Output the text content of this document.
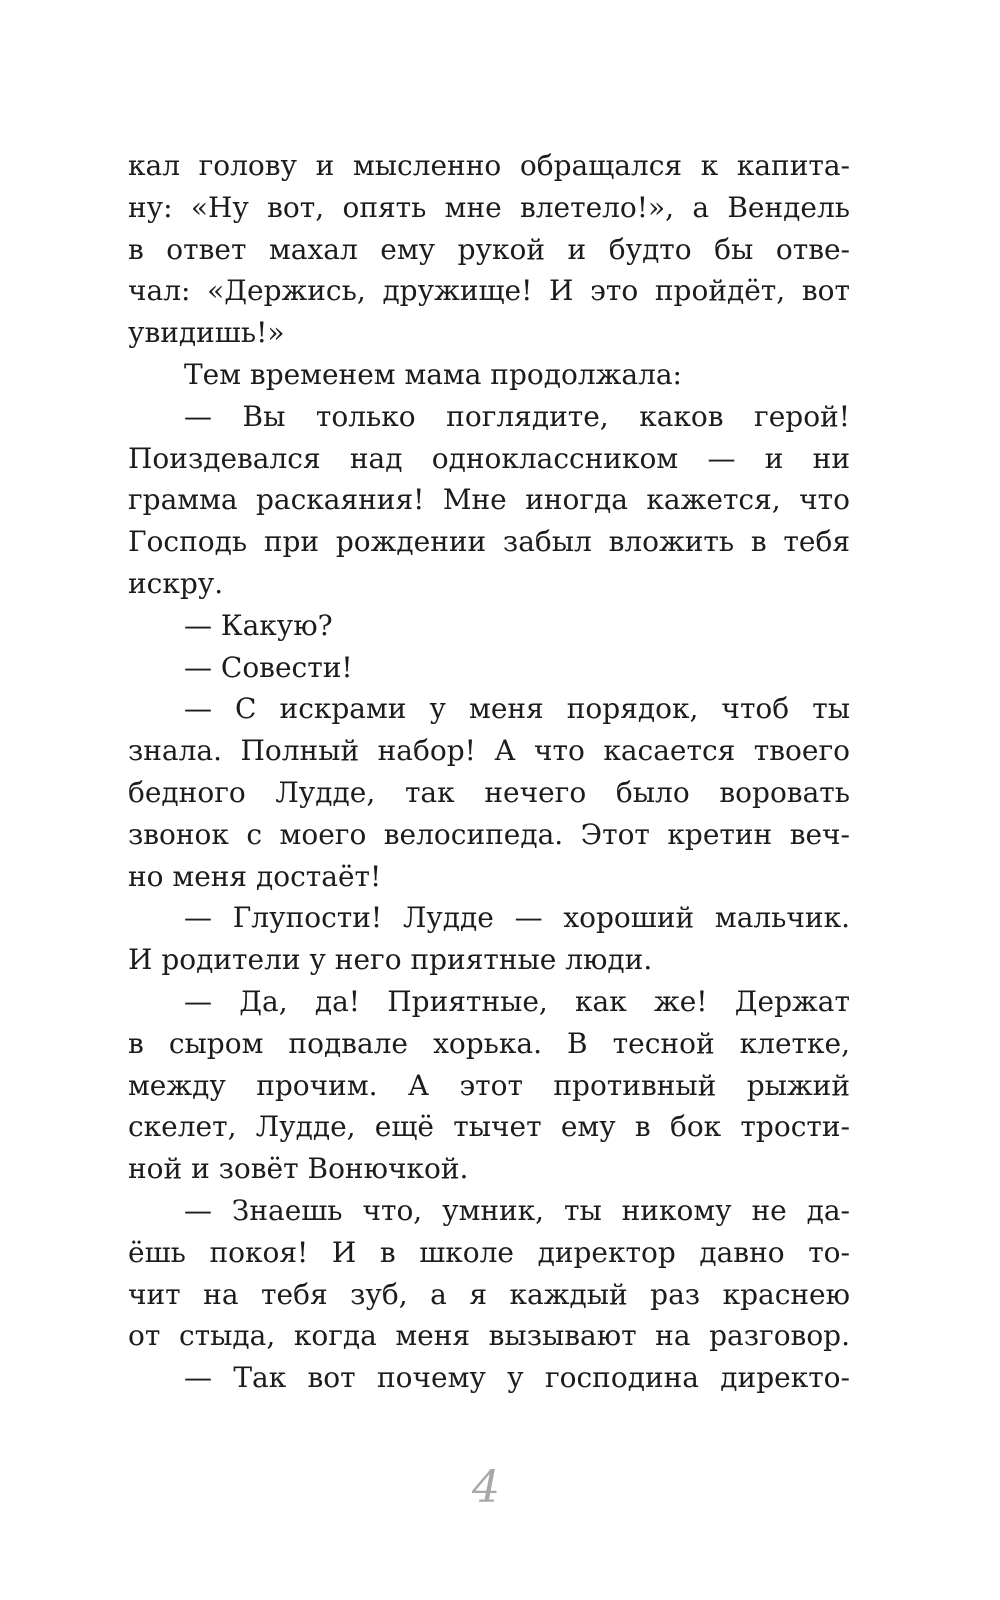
кал голову и мысленно обращался к капита-
ну: «Ну вот, опять мне влетело!», а Вендель
в ответ махал ему рукой и будто бы отве-
чал: «Держись, дружище! И это пройдёт, вот
увидишь!»
Тем временем мама продолжала:
— Вы только поглядите, каков герой!
Поиздевался над одноклассником — и ни
грамма раскаяния! Мне иногда кажется, что
Господь при рождении забыл вложить в тебя
искру.
— Какую?
— Совести!
— С искрами у меня порядок, чтоб ты
знала. Полный набор! А что касается твоего
бедного Лудде, так нечего было воровать
звонок с моего велосипеда. Этот кретин веч-
но меня достаёт!
— Глупости! Лудде — хороший мальчик.
И родители у него приятные люди.
— Да, да! Приятные, как же! Держат
в сыром подвале хорька. В тесной клетке,
между прочим. А этот противный рыжий
скелет, Лудде, ещё тычет ему в бок трости-
ной и зовёт Вонючкой.
— Знаешь что, умник, ты никому не да-
ёшь покоя! И в школе директор давно то-
чит на тебя зуб, а я каждый раз краснею
от стыда, когда меня вызывают на разговор.
— Так вот почему у господина директо-
4
